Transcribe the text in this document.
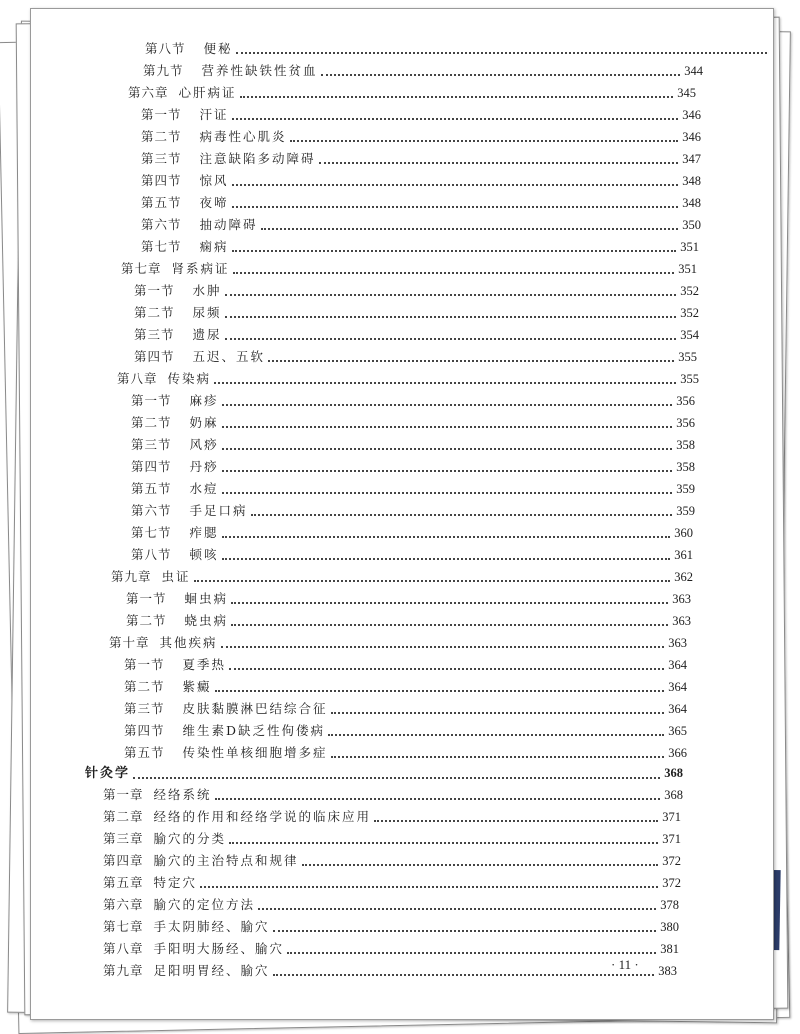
第八节 便秘
第九节 营养性缺铁性贫血	344
第六章 心肝病证	345
第一节 汗证	346
第二节 病毒性心肌炎	346
第三节 注意缺陷多动障碍	347
第四节 惊风	348
第五节 夜啼	348
第六节 抽动障碍	350
第七节 痫病	351
第七章 肾系病证	351
第一节 水肿	352
第二节 尿频	352
第三节 遗尿	354
第四节 五迟、五软	355
第八章 传染病	355
第一节 麻疹	356
第二节 奶麻	356
第三节 风痧	358
第四节 丹痧	358
第五节 水痘	359
第六节 手足口病	359
第七节 痄腮	360
第八节 顿咳	361
第九章 虫证	362
第一节 蛔虫病	363
第二节 蛲虫病	363
第十章 其他疾病	363
第一节 夏季热	364
第二节 紫癜	364
第三节 皮肤黏膜淋巴结综合征	364
第四节 维生素D缺乏性佝偻病	365
第五节 传染性单核细胞增多症	366
针灸学	368
第一章 经络系统	368
第二章 经络的作用和经络学说的临床应用	371
第三章 腧穴的分类	371
第四章 腧穴的主治特点和规律	372
第五章 特定穴	372
第六章 腧穴的定位方法	378
第七章 手太阴肺经、腧穴	380
第八章 手阳明大肠经、腧穴	381
第九章 足阳明胃经、腧穴	383
· 11 ·
